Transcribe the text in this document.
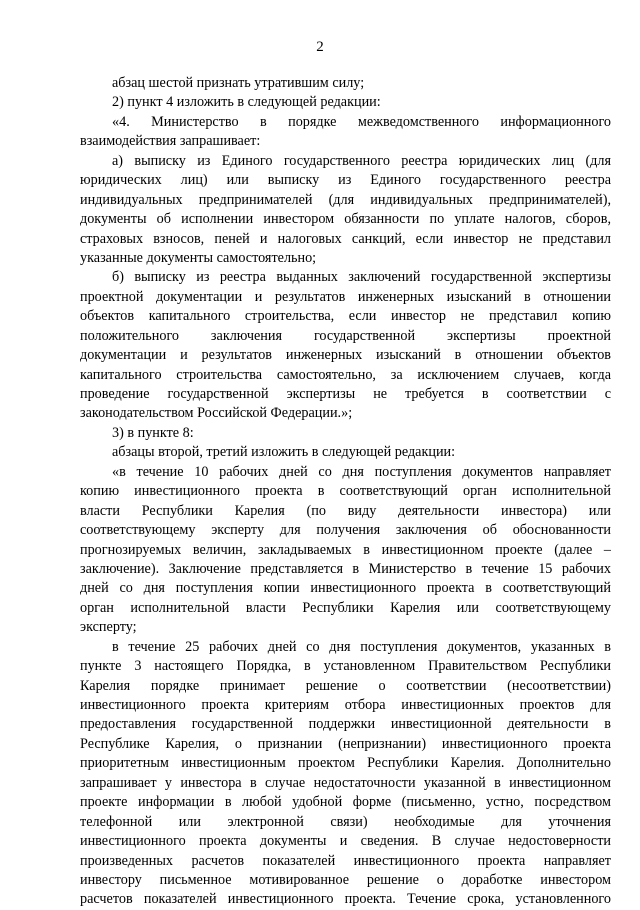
2
абзац шестой признать утратившим силу;
2) пункт 4 изложить в следующей редакции:
«4. Министерство в порядке межведомственного информационного
взаимодействия запрашивает:
а) выписку из Единого государственного реестра юридических лиц (для
юридических лиц) или выписку из Единого государственного реестра
индивидуальных предпринимателей (для индивидуальных предпринимателей),
документы об исполнении инвестором обязанности по уплате налогов, сборов,
страховых взносов, пеней и налоговых санкций, если инвестор не представил
указанные документы самостоятельно;
б) выписку из реестра выданных заключений государственной экспертизы
проектной документации и результатов инженерных изысканий в отношении
объектов капитального строительства, если инвестор не представил копию
положительного заключения государственной экспертизы проектной
документации и результатов инженерных изысканий в отношении объектов
капитального строительства самостоятельно, за исключением случаев, когда
проведение государственной экспертизы не требуется в соответствии с
законодательством Российской Федерации.»;
3) в пункте 8:
абзацы второй, третий изложить в следующей редакции:
«в течение 10 рабочих дней со дня поступления документов направляет
копию инвестиционного проекта в соответствующий орган исполнительной
власти Республики Карелия (по виду деятельности инвестора) или
соответствующему эксперту для получения заключения об обоснованности
прогнозируемых величин, закладываемых в инвестиционном проекте (далее –
заключение). Заключение представляется в Министерство в течение 15 рабочих
дней со дня поступления копии инвестиционного проекта в соответствующий
орган исполнительной власти Республики Карелия или соответствующему
эксперту;
в течение 25 рабочих дней со дня поступления документов, указанных в
пункте 3 настоящего Порядка, в установленном Правительством Республики
Карелия порядке принимает решение о соответствии (несоответствии)
инвестиционного проекта критериям отбора инвестиционных проектов для
предоставления государственной поддержки инвестиционной деятельности в
Республике Карелия, о признании (непризнании) инвестиционного проекта
приоритетным инвестиционным проектом Республики Карелия. Дополнительно
запрашивает у инвестора в случае недостаточности указанной в инвестиционном
проекте информации в любой удобной форме (письменно, устно, посредством
телефонной или электронной связи) необходимые для уточнения
инвестиционного проекта документы и сведения. В случае недостоверности
произведенных расчетов показателей инвестиционного проекта направляет
инвестору письменное мотивированное решение о доработке инвестором
расчетов показателей инвестиционного проекта. Течение срока, установленного
